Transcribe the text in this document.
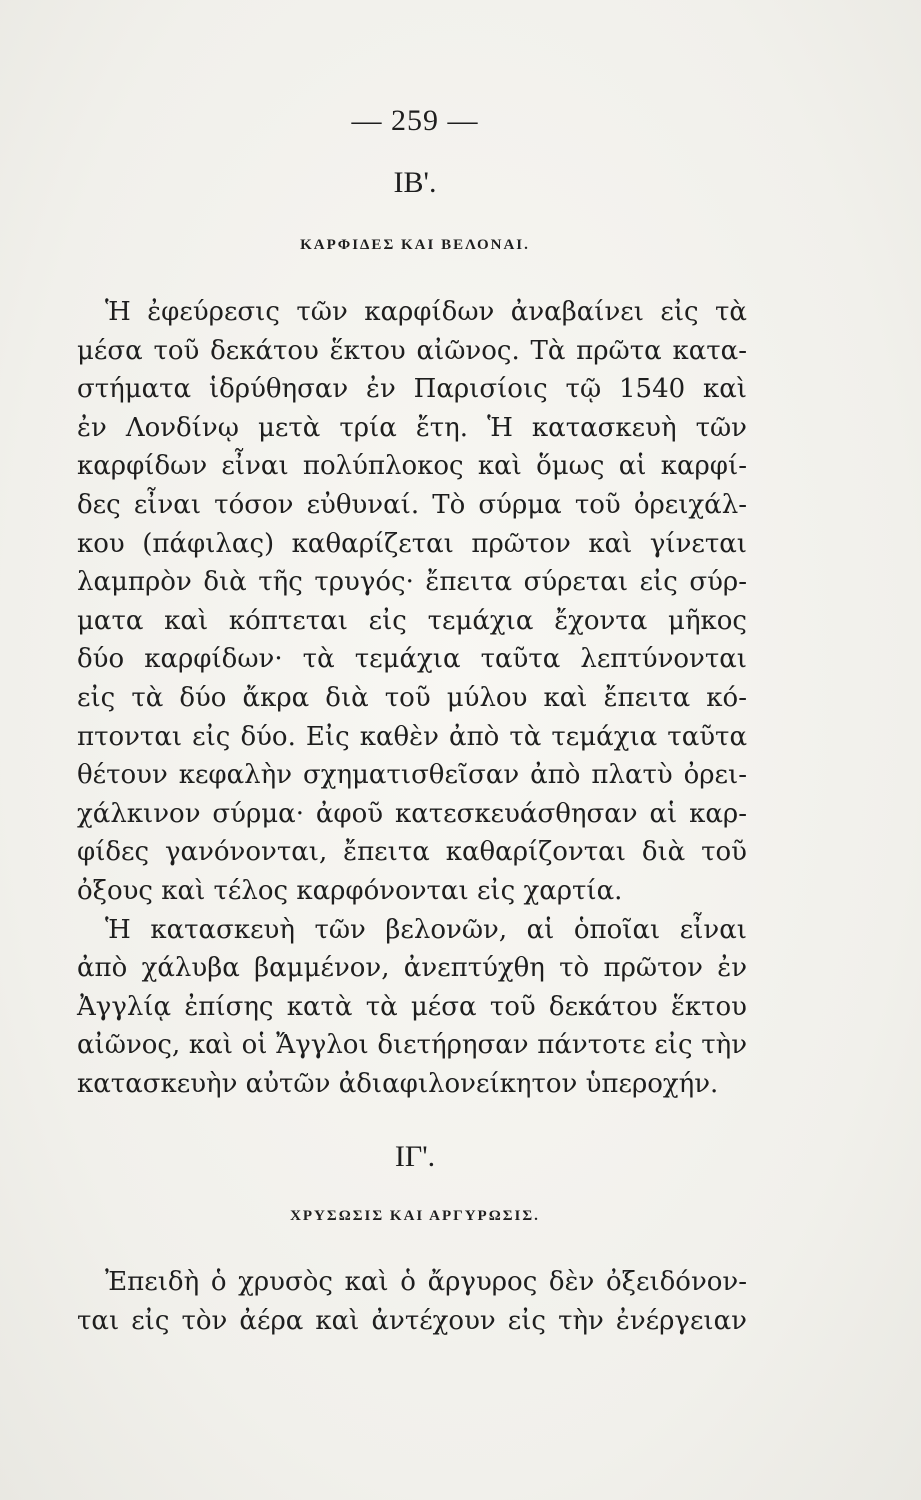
— 259 —
ΙΒ'.
ΚΑΡΦΙΔΕΣ ΚΑΙ ΒΕΛΟΝΑΙ.
Ἡ ἐφεύρεσις τῶν καρφίδων ἀναβαίνει εἰς τὰ
μέσα τοῦ δεκάτου ἕκτου αἰῶνος. Τὰ πρῶτα κατα-
στήματα ἱδρύθησαν ἐν Παρισίοις τῷ 1540 καὶ
ἐν Λονδίνῳ μετὰ τρία ἔτη. Ἡ κατασκευὴ τῶν
καρφίδων εἶναι πολύπλοκος καὶ ὅμως αἱ καρφί-
δες εἶναι τόσον εὐθυναί. Τὸ σύρμα τοῦ ὀρειχάλ-
κου (πάφιλας) καθαρίζεται πρῶτον καὶ γίνεται
λαμπρὸν διὰ τῆς τρυγός· ἔπειτα σύρεται εἰς σύρ-
ματα καὶ κόπτεται εἰς τεμάχια ἔχοντα μῆκος
δύο καρφίδων· τὰ τεμάχια ταῦτα λεπτύνονται
εἰς τὰ δύο ἄκρα διὰ τοῦ μύλου καὶ ἔπειτα κό-
πτονται εἰς δύο. Εἰς καθὲν ἀπὸ τὰ τεμάχια ταῦτα
θέτουν κεφαλὴν σχηματισθεῖσαν ἀπὸ πλατὺ ὀρει-
χάλκινον σύρμα· ἀφοῦ κατεσκευάσθησαν αἱ καρ-
φίδες γανόνονται, ἔπειτα καθαρίζονται διὰ τοῦ
ὀξους καὶ τέλος καρφόνονται εἰς χαρτία.
Ἡ κατασκευὴ τῶν βελονῶν, αἱ ὁποῖαι εἶναι
ἀπὸ χάλυβα βαμμένον, ἀνεπτύχθη τὸ πρῶτον ἐν
Ἀγγλίᾳ ἐπίσης κατὰ τὰ μέσα τοῦ δεκάτου ἕκτου
αἰῶνος, καὶ οἱ Ἄγγλοι διετήρησαν πάντοτε εἰς τὴν
κατασκευὴν αὐτῶν ἀδιαφιλονείκητον ὑπεροχήν.
ΙΓ'.
ΧΡΥΣΩΣΙΣ ΚΑΙ ΑΡΓΥΡΩΣΙΣ.
Ἐπειδὴ ὁ χρυσὸς καὶ ὁ ἄργυρος δὲν ὀξειδόνον-
ται εἰς τὸν ἀέρα καὶ ἀντέχουν εἰς τὴν ἐνέργειαν
